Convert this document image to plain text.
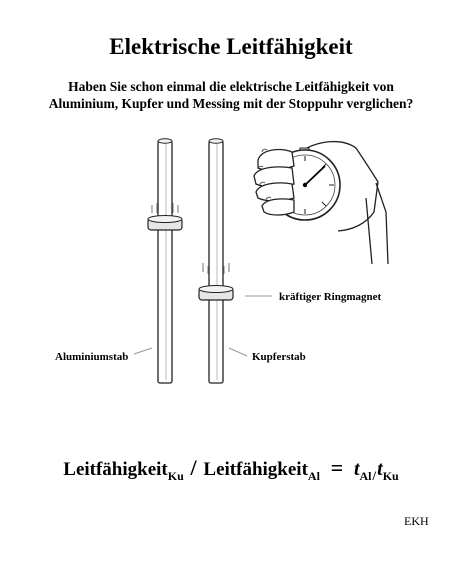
Elektrische Leitfähigkeit
Haben Sie schon einmal die elektrische Leitfähigkeit von
Aluminium, Kupfer und Messing mit der Stoppuhr verglichen?
kräftiger Ringmagnet
Aluminiumstab	Kupferstab
Leitfähigkeit$_{Ku}$ / Leitfähigkeit$_{Al}$ = $t_{Al/}t_{Ku}$
EKH
